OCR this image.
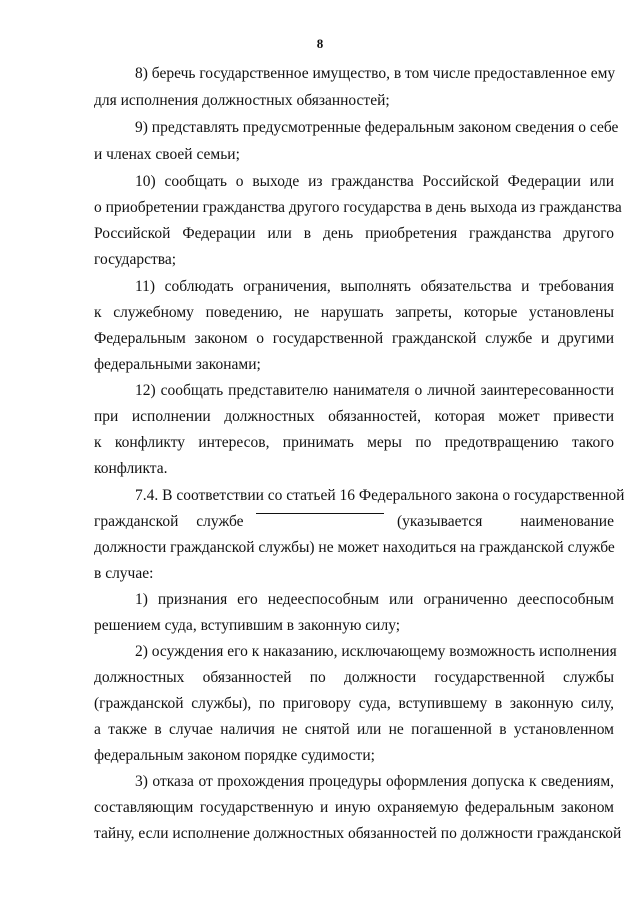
8
8) беречь государственное имущество, в том числе предоставленное ему
для исполнения должностных обязанностей;
9) представлять предусмотренные федеральным законом сведения о себе
и членах своей семьи;
10) сообщать о выходе из гражданства Российской Федерации или
о приобретении гражданства другого государства в день выхода из гражданства
Российской Федерации или в день приобретения гражданства другого
государства;
11) соблюдать ограничения, выполнять обязательства и требования
к служебному поведению, не нарушать запреты, которые установлены
Федеральным законом о государственной гражданской службе и другими
федеральными законами;
12) сообщать представителю нанимателя о личной заинтересованности
при исполнении должностных обязанностей, которая может привести
к конфликту интересов, принимать меры по предотвращению такого
конфликта.
7.4. В соответствии со статьей 16 Федерального закона о государственной
гражданской службе	(указывается наименование
должности гражданской службы) не может находиться на гражданской службе
в случае:
1) признания его недееспособным или ограниченно дееспособным
решением суда, вступившим в законную силу;
2) осуждения его к наказанию, исключающему возможность исполнения
должностных обязанностей по должности государственной службы
(гражданской службы), по приговору суда, вступившему в законную силу,
а также в случае наличия не снятой или не погашенной в установленном
федеральным законом порядке судимости;
3) отказа от прохождения процедуры оформления допуска к сведениям,
составляющим государственную и иную охраняемую федеральным законом
тайну, если исполнение должностных обязанностей по должности гражданской
